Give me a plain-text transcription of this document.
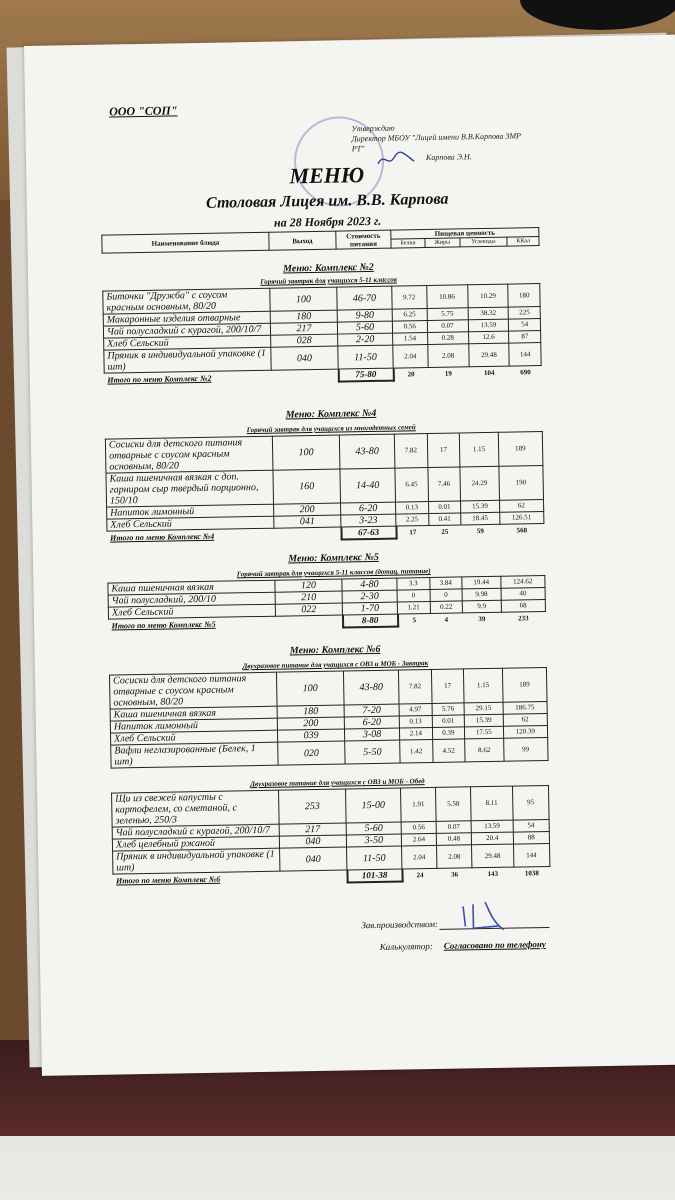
ООО "СОП"
Утверждаю
Директор МБОУ "Лицей имени В.В.Карпова ЗМР
РТ"
Карпова Э.Н.
МЕНЮ
Столовая Лицея им. В.В. Карпова
на 28 Ноября 2023 г.
Наименование блюда	Выход	Стоимость питания	Пищевая ценность			
			Белки	Жиры	Углеводы	ККал
Меню: Комплекс №2
Горячий завтрак для учащихся 5-11 классов
Биточки "Дружба" с соусом красным основным, 80/20	100	46-70	9.72	10.86	10.29	180
Макаронные изделия отварные	180	9-80	6.25	5.75	38.32	225
Чай полусладкий с курагой, 200/10/7	217	5-60	0.56	0.07	13.59	54
Хлеб Сельский	028	2-20	1.54	0.28	12.6	87
Пряник в индивидуальной упаковке (1 шт)	040	11-50	2.04	2.08	29.48	144
Итого по меню Комплекс №2		75-80	20	19	104	690
Меню: Комплекс №4
Горячий завтрак для учащихся из многодетных семей
Сосиски для детского питания отварные с соусом красным основным, 80/20	100	43-80	7.82	17	1.15	189
Каша пшеничная вязкая с доп. гарниром сыр твердый порционно, 150/10	160	14-40	6.45	7.46	24.29	190
Напиток лимонный	200	6-20	0.13	0.01	15.39	62
Хлеб Сельский	041	3-23	2.25	0.41	18.45	126.51
Итого по меню Комплекс №4		67-63	17	25	59	568
Меню: Комплекс №5
Горячий завтрак для учащихся 5-11 классов (дотац. питание)
Каша пшеничная вязкая	120	4-80	3.3	3.84	19.44	124.62
Чай полусладкий, 200/10	210	2-30	0	0	9.98	40
Хлеб Сельский	022	1-70	1.21	0.22	9.9	68
Итого по меню Комплекс №5		8-80	5	4	39	233
Меню: Комплекс №6
Двухразовое питание для учащихся с ОВЗ и МОБ - Завтрак
Сосиски для детского питания отварные с соусом красным основным, 80/20	100	43-80	7.82	17	1.15	189
Каша пшеничная вязкая	180	7-20	4.97	5.76	29.15	186.75
Напиток лимонный	200	6-20	0.13	0.01	15.39	62
Хлеб Сельский	039	3-08	2.14	0.39	17.55	120.39
Вафли неглазированные (Белек, 1 шт)	020	5-50	1.42	4.52	8.62	99
Двухразовое питание для учащихся с ОВЗ и МОБ - Обед
Щи из свежей капусты с картофелем, со сметаной, с зеленью, 250/3	253	15-00	1.91	5.58	8.11	95
Чай полусладкий с курагой, 200/10/7	217	5-60	0.56	0.07	13.59	54
Хлеб целебный ржаной	040	3-50	2.64	0.48	20.4	88
Пряник в индивидуальной упаковке (1 шт)	040	11-50	2.04	2.08	29.48	144
Итого по меню Комплекс №6		101-38	24	36	143	1038
Зав.производством:
Калькулятор: Согласовано по телефону
